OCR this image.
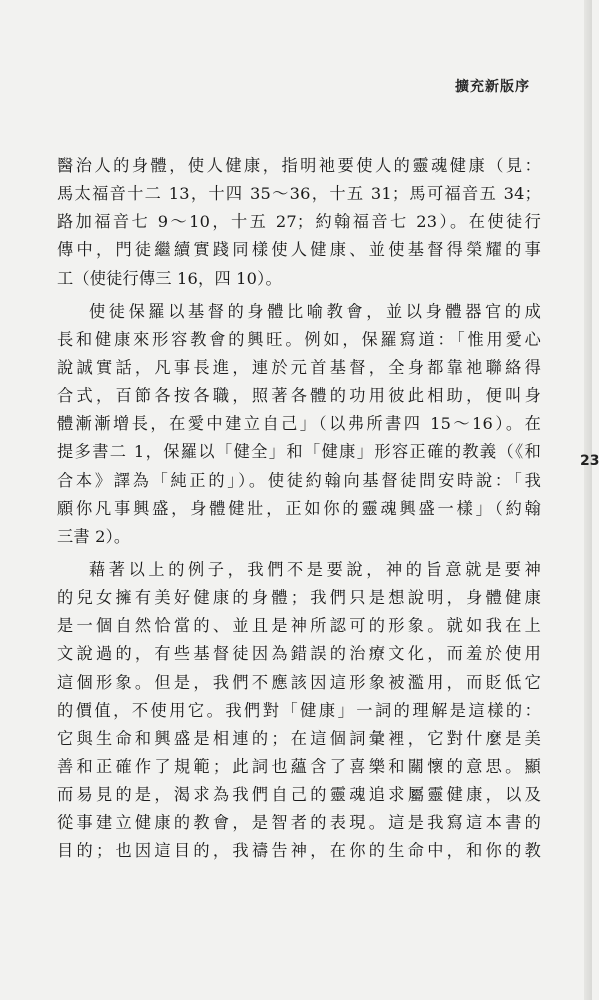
擴充新版序
23
醫治人的身體，使人健康，指明祂要使人的靈魂健康（見：
馬太福音十二 13，十四 35～36，十五 31；馬可福音五 34；
路加福音七 9～10，十五 27；約翰福音七 23）。在使徒行
傳中，門徒繼續實踐同樣使人健康、並使基督得榮耀的事
工（使徒行傳三 16，四 10）。
使徒保羅以基督的身體比喻教會，並以身體器官的成
長和健康來形容教會的興旺。例如，保羅寫道：「惟用愛心
說誠實話，凡事長進，連於元首基督，全身都靠祂聯絡得
合式，百節各按各職，照著各體的功用彼此相助，便叫身
體漸漸增長，在愛中建立自己」（以弗所書四 15～16）。在
提多書二 1，保羅以「健全」和「健康」形容正確的教義（《和
合本》譯為「純正的」）。使徒約翰向基督徒問安時說：「我
願你凡事興盛，身體健壯，正如你的靈魂興盛一樣」（約翰
三書 2）。
藉著以上的例子，我們不是要說，神的旨意就是要神
的兒女擁有美好健康的身體；我們只是想說明，身體健康
是一個自然恰當的、並且是神所認可的形象。就如我在上
文說過的，有些基督徒因為錯誤的治療文化，而羞於使用
這個形象。但是，我們不應該因這形象被濫用，而貶低它
的價值，不使用它。我們對「健康」一詞的理解是這樣的：
它與生命和興盛是相連的；在這個詞彙裡，它對什麼是美
善和正確作了規範；此詞也蘊含了喜樂和關懷的意思。顯
而易見的是，渴求為我們自己的靈魂追求屬靈健康，以及
從事建立健康的教會，是智者的表現。這是我寫這本書的
目的；也因這目的，我禱告神，在你的生命中，和你的教
